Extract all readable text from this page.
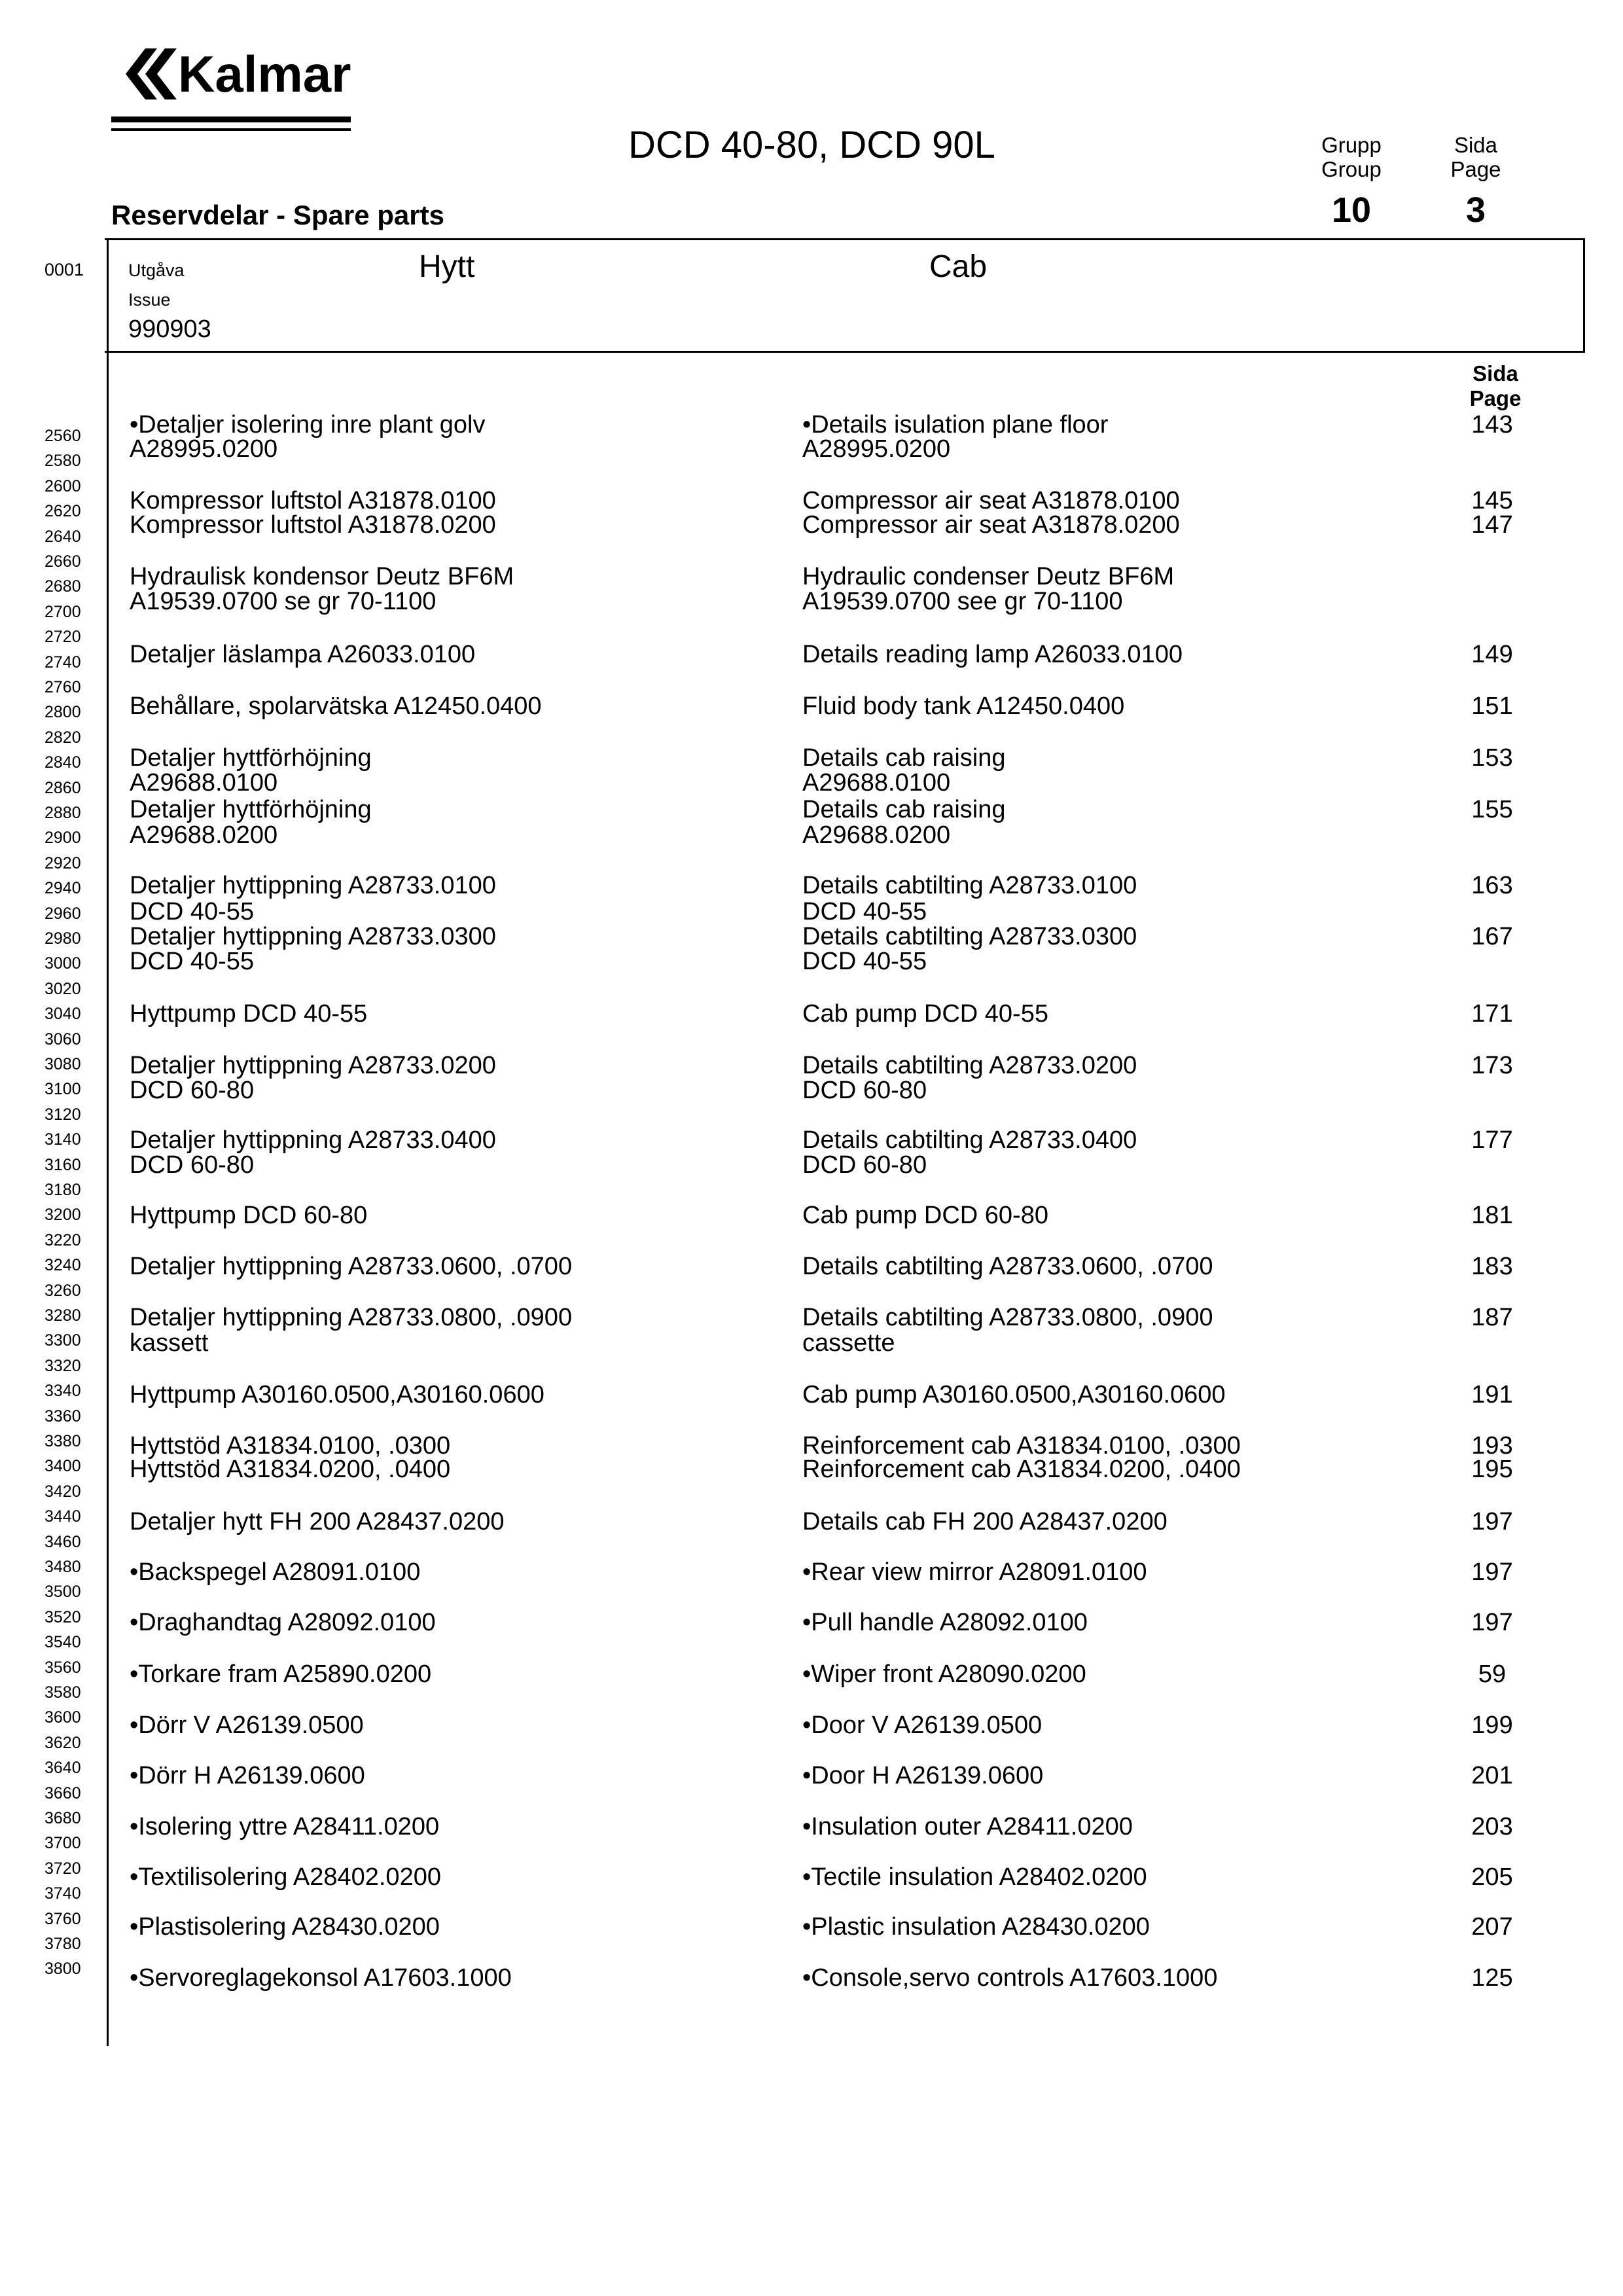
Kalmar
DCD 40-80, DCD 90L
Reservdelar - Spare parts
Grupp
Group
Sida
Page
10	3
0001	Utgåva
Issue
990903
Hytt	Cab
Sida
Page
2560
2580
2600
2620
2640
2660
2680
2700
2720
2740
2760
2800
2820
2840
2860
2880
2900
2920
2940
2960
2980
3000
3020
3040
3060
3080
3100
3120
3140
3160
3180
3200
3220
3240
3260
3280
3300
3320
3340
3360
3380
3400
3420
3440
3460
3480
3500
3520
3540
3560
3580
3600
3620
3640
3660
3680
3700
3720
3740
3760
3780
3800
•Detaljer isolering inre plant golv	•Details isulation plane floor	143
A28995.0200	A28995.0200
Kompressor luftstol A31878.0100	Compressor air seat A31878.0100	145
Kompressor luftstol A31878.0200	Compressor air seat A31878.0200	147
Hydraulisk kondensor Deutz BF6M	Hydraulic condenser Deutz BF6M
A19539.0700 se gr 70-1100	A19539.0700 see gr 70-1100
Detaljer läslampa A26033.0100	Details reading lamp A26033.0100	149
Behållare, spolarvätska A12450.0400	Fluid body tank A12450.0400	151
Detaljer hyttförhöjning	Details cab raising	153
A29688.0100	A29688.0100
Detaljer hyttförhöjning	Details cab raising	155
A29688.0200	A29688.0200
Detaljer hyttippning A28733.0100	Details cabtilting A28733.0100	163
DCD 40-55	DCD 40-55
Detaljer hyttippning A28733.0300	Details cabtilting A28733.0300	167
DCD 40-55	DCD 40-55
Hyttpump DCD 40-55	Cab pump DCD 40-55	171
Detaljer hyttippning A28733.0200	Details cabtilting A28733.0200	173
DCD 60-80	DCD 60-80
Detaljer hyttippning A28733.0400	Details cabtilting A28733.0400	177
DCD 60-80	DCD 60-80
Hyttpump DCD 60-80	Cab pump DCD 60-80	181
Detaljer hyttippning A28733.0600, .0700	Details cabtilting A28733.0600, .0700	183
Detaljer hyttippning A28733.0800, .0900	Details cabtilting A28733.0800, .0900	187
kassett	cassette
Hyttpump A30160.0500,A30160.0600	Cab pump A30160.0500,A30160.0600	191
Hyttstöd A31834.0100, .0300	Reinforcement cab A31834.0100, .0300	193
Hyttstöd A31834.0200, .0400	Reinforcement cab A31834.0200, .0400	195
Detaljer hytt FH 200 A28437.0200	Details cab FH 200 A28437.0200	197
•Backspegel A28091.0100	•Rear view mirror A28091.0100	197
•Draghandtag A28092.0100	•Pull handle A28092.0100	197
•Torkare fram A25890.0200	•Wiper front A28090.0200	59
•Dörr V A26139.0500	•Door V A26139.0500	199
•Dörr H A26139.0600	•Door H A26139.0600	201
•Isolering yttre A28411.0200	•Insulation outer A28411.0200	203
•Textilisolering A28402.0200	•Tectile insulation A28402.0200	205
•Plastisolering A28430.0200	•Plastic insulation A28430.0200	207
•Servoreglagekonsol A17603.1000	•Console,servo controls A17603.1000	125
